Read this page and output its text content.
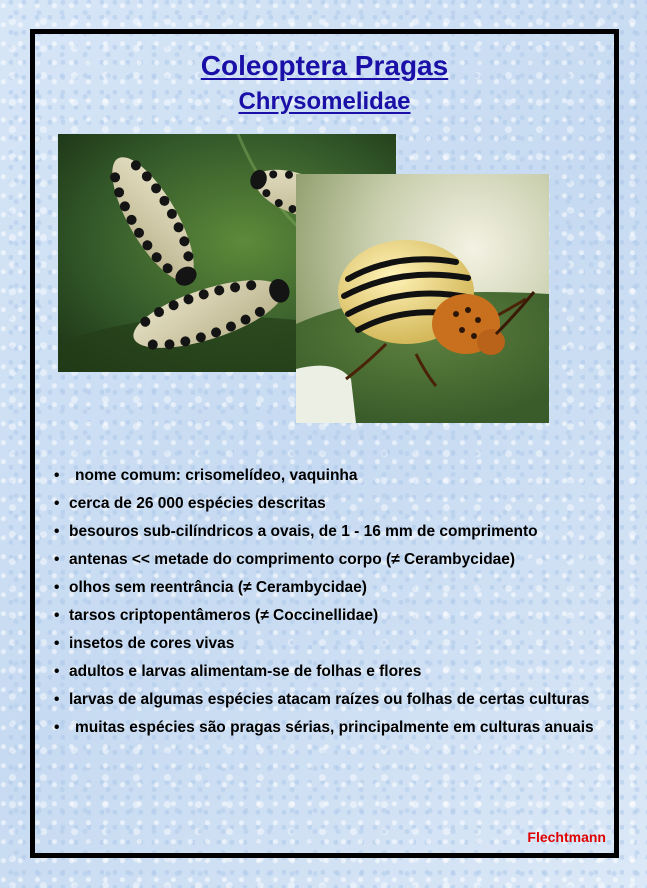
Coleoptera Pragas
Chrysomelidae
• nome comum: crisomelídeo, vaquinha
• cerca de 26 000 espécies descritas
• besouros sub-cilíndricos a ovais, de 1 - 16 mm de comprimento
• antenas << metade do comprimento corpo (≠ Cerambycidae)
• olhos sem reentrância (≠ Cerambycidae)
• tarsos criptopentâmeros (≠ Coccinellidae)
• insetos de cores vivas
• adultos e larvas alimentam-se de folhas e flores
• larvas de algumas espécies atacam raízes ou folhas de certas culturas
• muitas espécies são pragas sérias, principalmente em culturas anuais
Flechtmann
